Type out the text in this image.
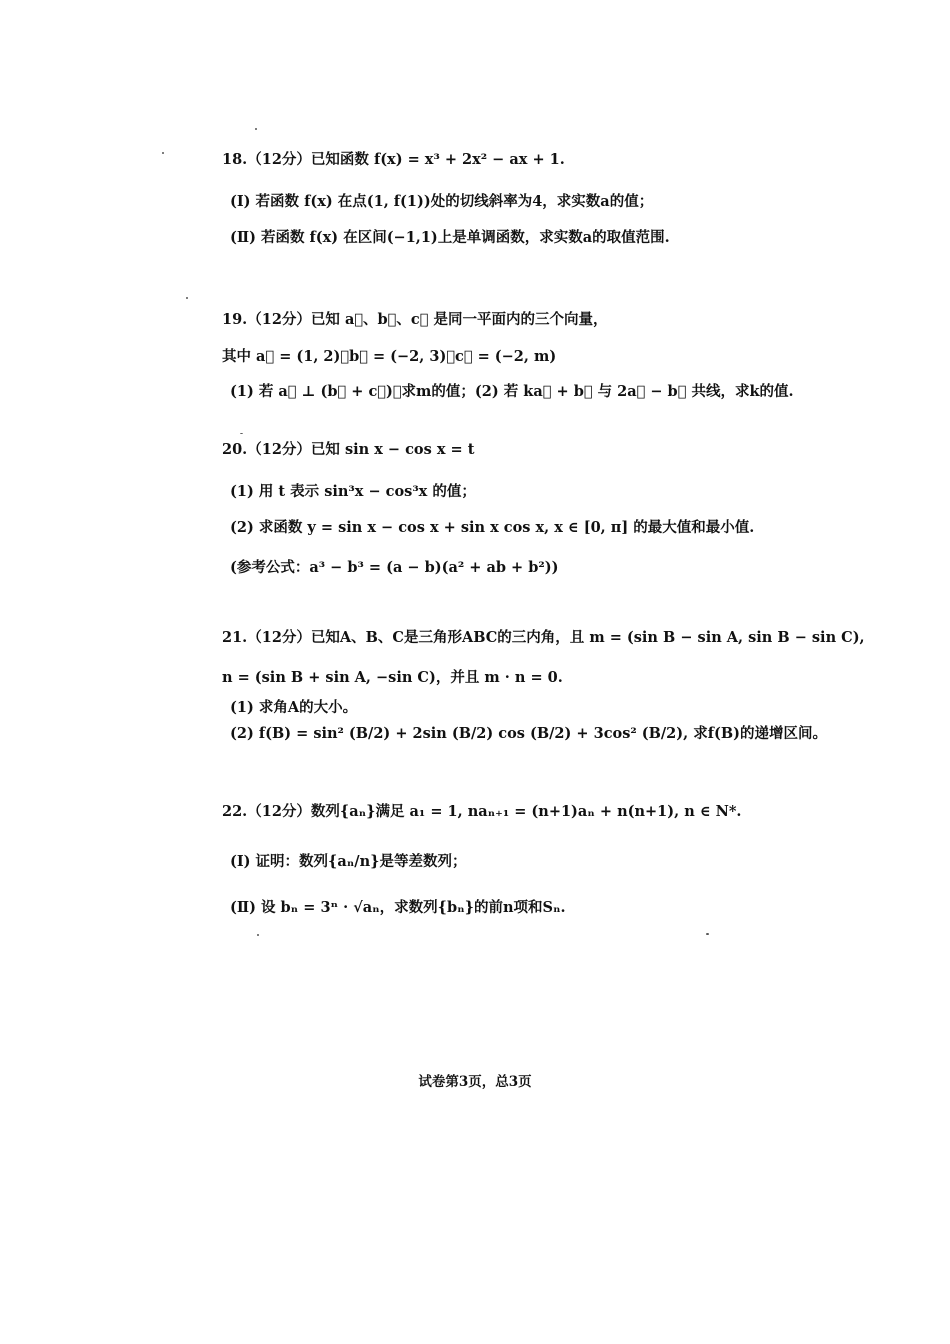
18.（12分）已知函数 f(x) = x³ + 2x² − ax + 1.
(Ⅰ) 若函数 f(x) 在点(1, f(1))处的切线斜率为4，求实数a的值；
(Ⅱ) 若函数 f(x) 在区间(−1,1)上是单调函数，求实数a的取值范围.
19.（12分）已知 a⃗、b⃗、c⃗ 是同一平面内的三个向量，
其中 a⃗ = (1, 2)，b⃗ = (−2, 3)，c⃗ = (−2, m)
(1) 若 a⃗ ⊥ (b⃗ + c⃗)，求m的值；(2) 若 ka⃗ + b⃗ 与 2a⃗ − b⃗ 共线，求k的值.
20.（12分）已知 sin x − cos x = t
(1) 用 t 表示 sin³x − cos³x 的值；
(2) 求函数 y = sin x − cos x + sin x cos x, x ∈ [0, π] 的最大值和最小值.
(参考公式：a³ − b³ = (a − b)(a² + ab + b²))
21.（12分）已知A、B、C是三角形ABC的三内角，且 m = (sin B − sin A, sin B − sin C),
n = (sin B + sin A, −sin C)，并且 m · n = 0.
(1) 求角A的大小。
(2) f(B) = sin² (B/2) + 2sin (B/2) cos (B/2) + 3cos² (B/2), 求f(B)的递增区间。
22.（12分）数列{aₙ}满足 a₁ = 1, naₙ₊₁ = (n+1)aₙ + n(n+1), n ∈ N*.
(Ⅰ) 证明：数列{aₙ/n}是等差数列；
(Ⅱ) 设 bₙ = 3ⁿ · √aₙ，求数列{bₙ}的前n项和Sₙ.
试卷第3页，总3页
